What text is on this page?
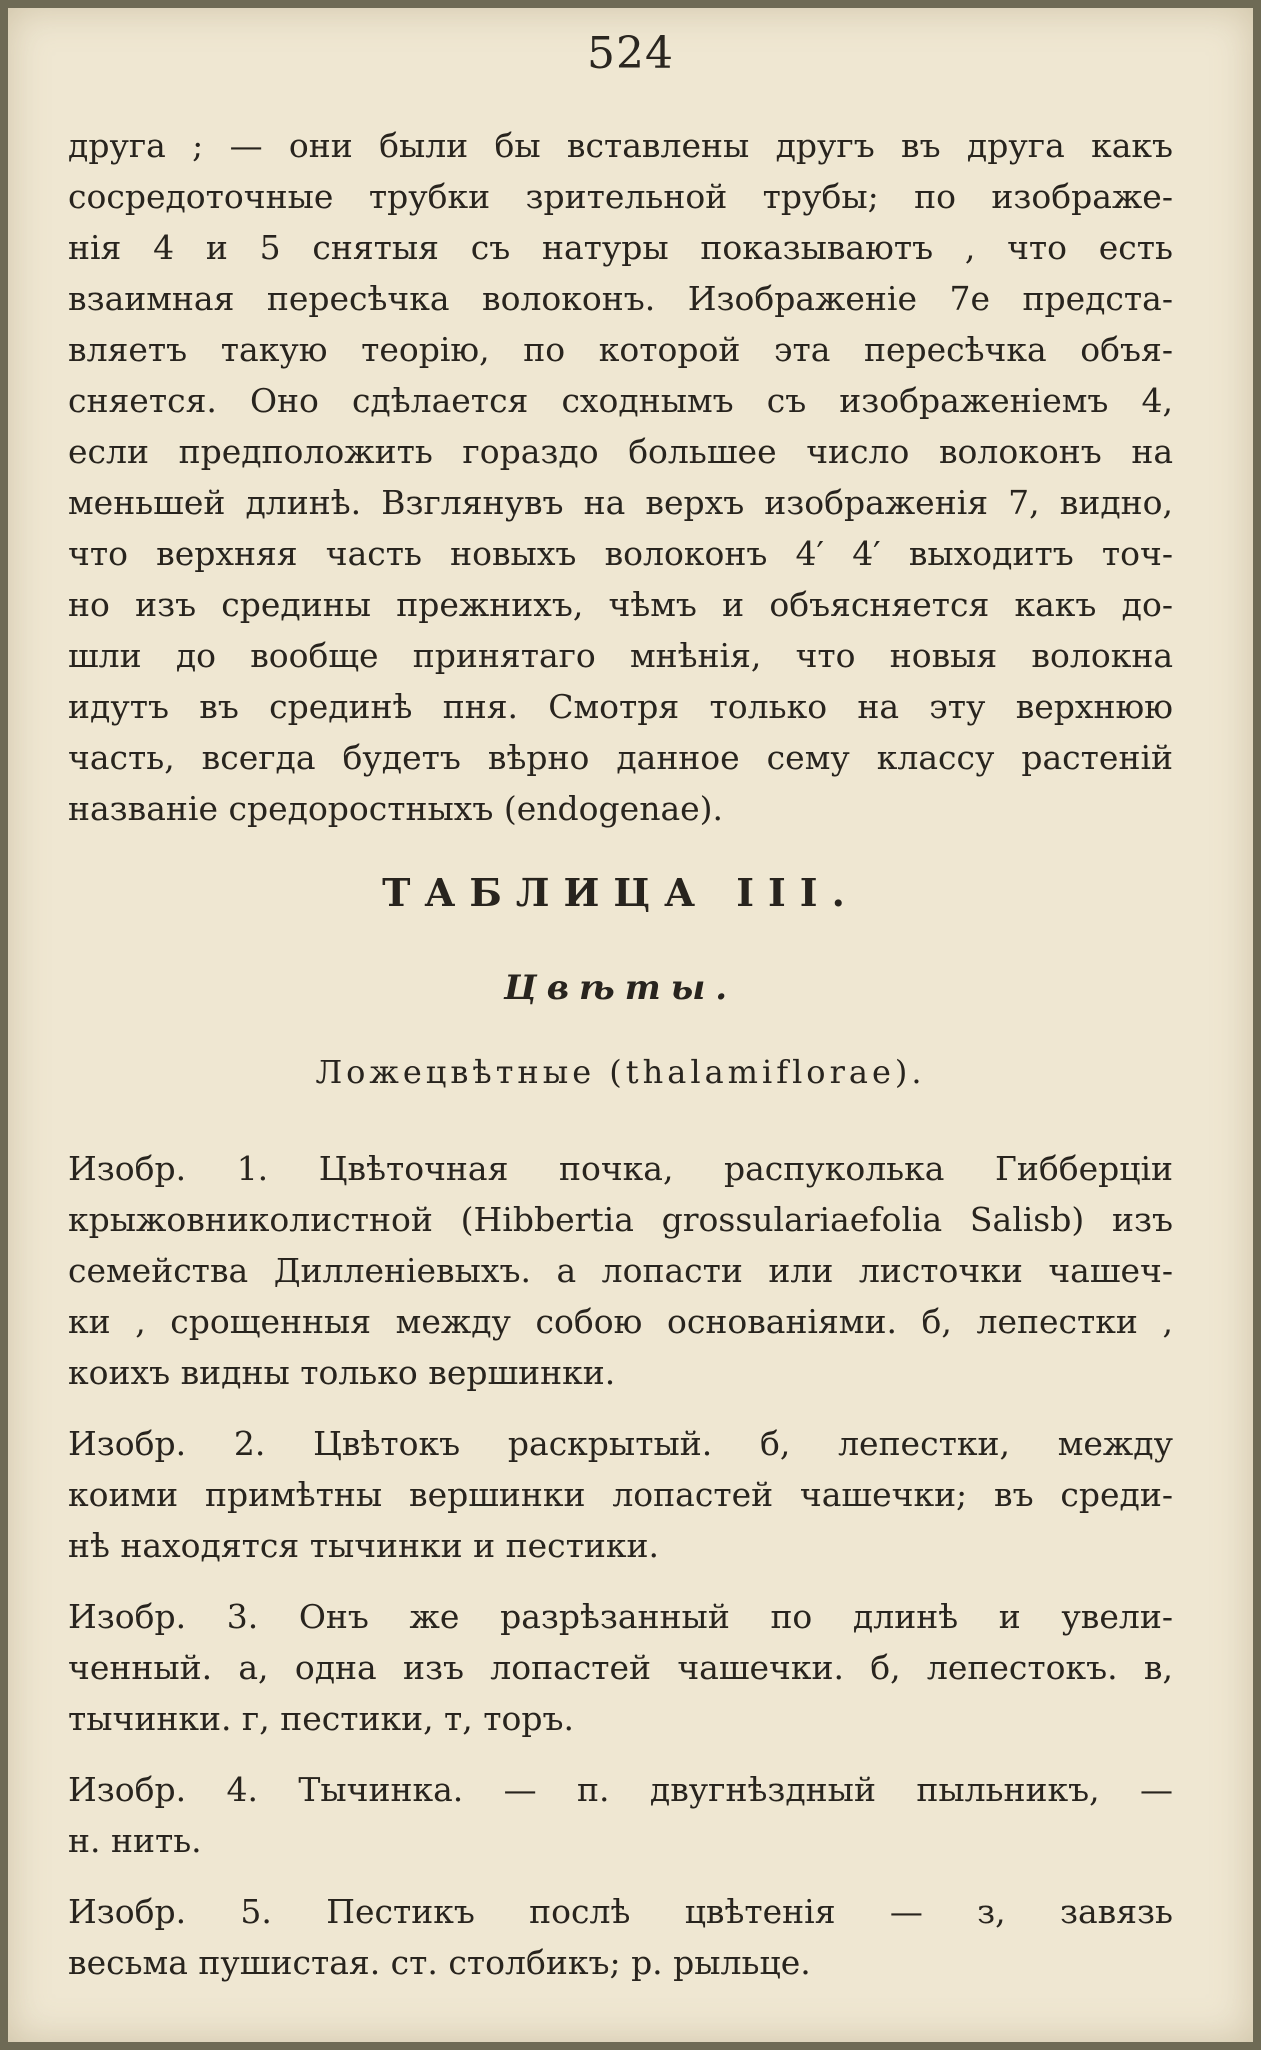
524
друга ; — они были бы вставлены другъ въ друга какъ
сосредоточные трубки зрительной трубы; по изображе-
нія 4 и 5 снятыя съ натуры показываютъ , что есть
взаимная пересѣчка волоконъ. Изображеніе 7е предста-
вляетъ такую теорію, по которой эта пересѣчка объя-
сняется. Оно сдѣлается сходнымъ съ изображеніемъ 4,
если предположить гораздо большее число волоконъ на
меньшей длинѣ. Взглянувъ на верхъ изображенія 7, видно,
что верхняя часть новыхъ волоконъ 4′ 4′ выходитъ точ-
но изъ средины прежнихъ, чѣмъ и объясняется какъ до-
шли до вообще принятаго мнѣнія, что новыя волокна
идутъ въ срединѣ пня. Смотря только на эту верхнюю
часть, всегда будетъ вѣрно данное сему классу растеній
названіе средоростныхъ (endogenae).
ТАБЛИЦА III.
Цвѣты.
Ложецвѣтные (thalamiflorae).
Изобр. 1. Цвѣточная почка, распуколька Гибберціи
крыжовниколистной (Hibbertia grossulariaefolia Salisb) изъ
семейства Дилленіевыхъ. а лопасти или листочки чашеч-
ки , срощенныя между собою основаніями. б, лепестки ,
коихъ видны только вершинки.
Изобр. 2. Цвѣтокъ раскрытый. б, лепестки, между
коими примѣтны вершинки лопастей чашечки; въ среди-
нѣ находятся тычинки и пестики.
Изобр. 3. Онъ же разрѣзанный по длинѣ и увели-
ченный. а, одна изъ лопастей чашечки. б, лепестокъ. в,
тычинки. г, пестики, т, торъ.
Изобр. 4. Тычинка. — п. двугнѣздный пыльникъ, —
н. нить.
Изобр. 5. Пестикъ послѣ цвѣтенія — з, завязь
весьма пушистая. ст. столбикъ; р. рыльце.
